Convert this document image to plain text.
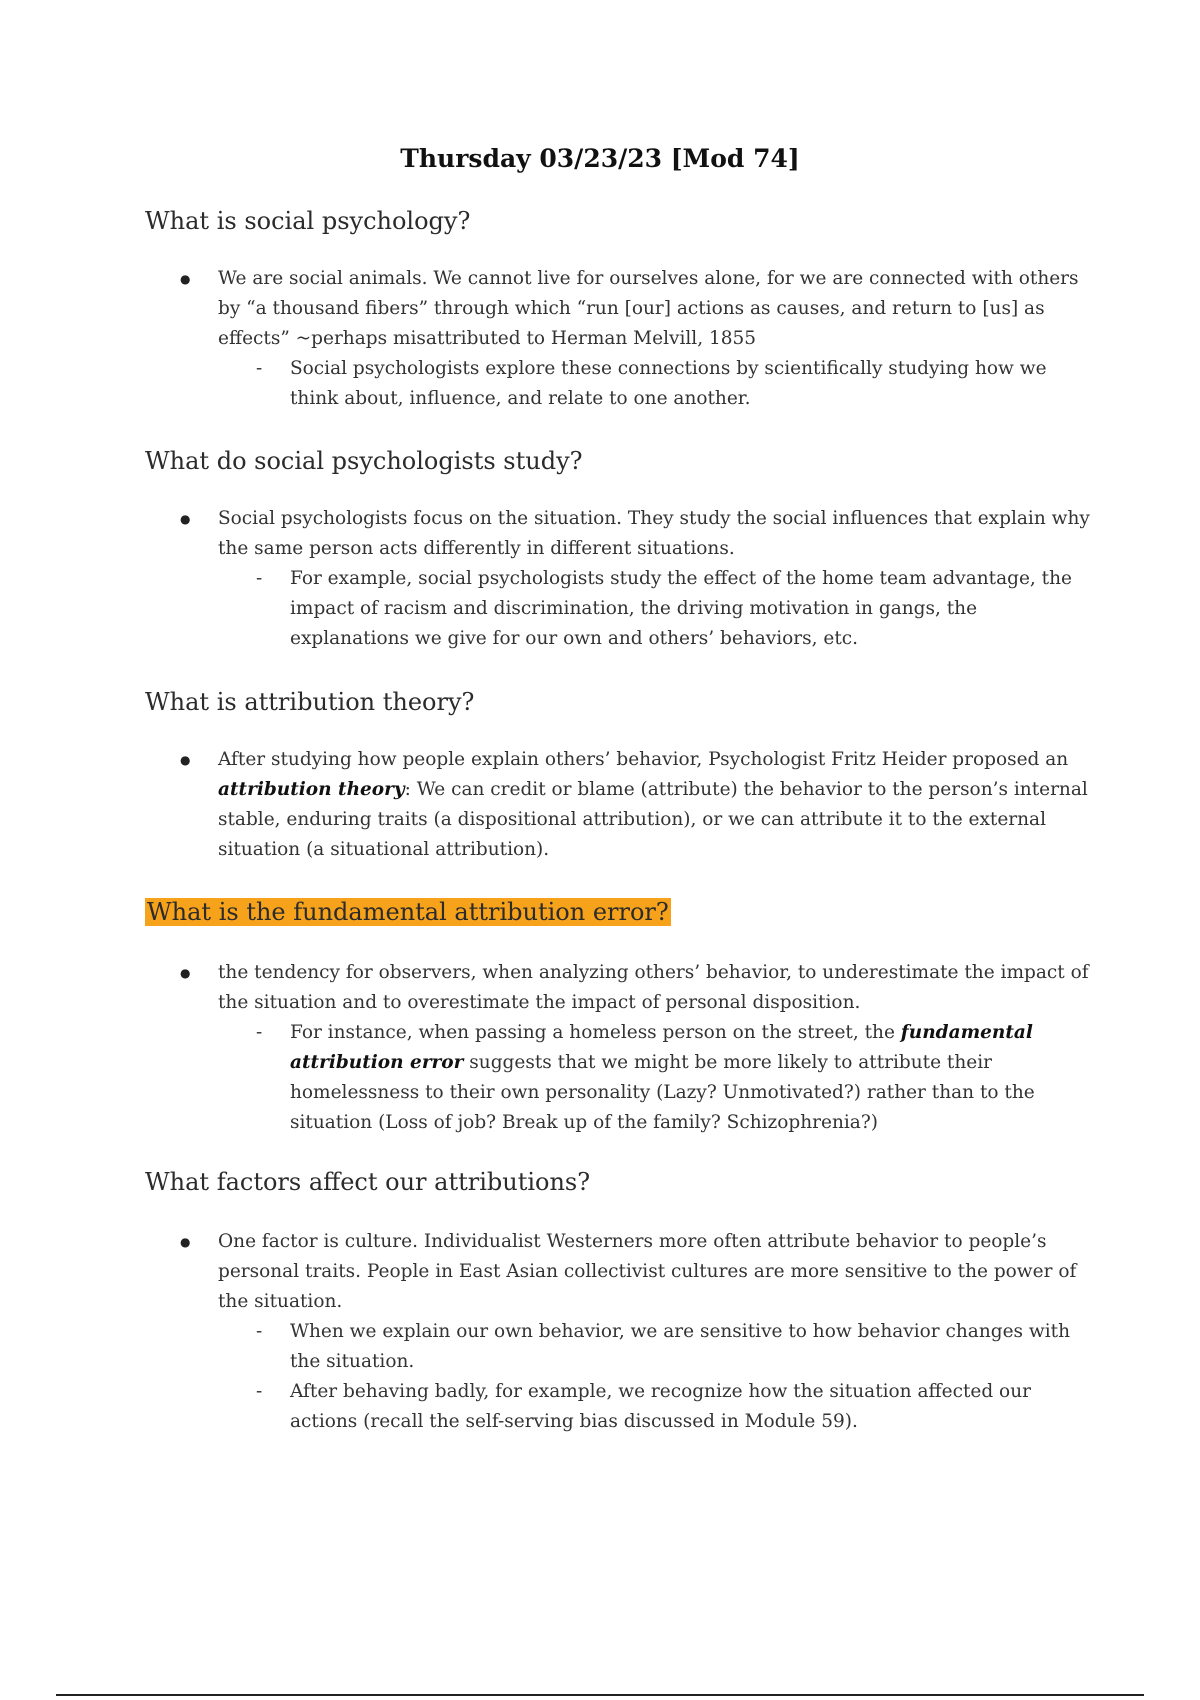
Thursday 03/23/23 [Mod 74]
What is social psychology?
● We are social animals. We cannot live for ourselves alone, for we are connected with others by “a thousand fibers” through which “run [our] actions as causes, and return to [us] as effects” ~perhaps misattributed to Herman Melvill, 1855
- Social psychologists explore these connections by scientifically studying how we think about, influence, and relate to one another.
What do social psychologists study?
● Social psychologists focus on the situation. They study the social influences that explain why the same person acts differently in different situations.
- For example, social psychologists study the effect of the home team advantage, the impact of racism and discrimination, the driving motivation in gangs, the explanations we give for our own and others’ behaviors, etc.
What is attribution theory?
● After studying how people explain others’ behavior, Psychologist Fritz Heider proposed an attribution theory: We can credit or blame (attribute) the behavior to the person’s internal stable, enduring traits (a dispositional attribution), or we can attribute it to the external situation (a situational attribution).
What is the fundamental attribution error?
● the tendency for observers, when analyzing others’ behavior, to underestimate the impact of the situation and to overestimate the impact of personal disposition.
- For instance, when passing a homeless person on the street, the fundamental attribution error suggests that we might be more likely to attribute their homelessness to their own personality (Lazy? Unmotivated?) rather than to the situation (Loss of job? Break up of the family? Schizophrenia?)
What factors affect our attributions?
● One factor is culture. Individualist Westerners more often attribute behavior to people’s personal traits. People in East Asian collectivist cultures are more sensitive to the power of the situation.
- When we explain our own behavior, we are sensitive to how behavior changes with the situation.
- After behaving badly, for example, we recognize how the situation affected our actions (recall the self-serving bias discussed in Module 59).
